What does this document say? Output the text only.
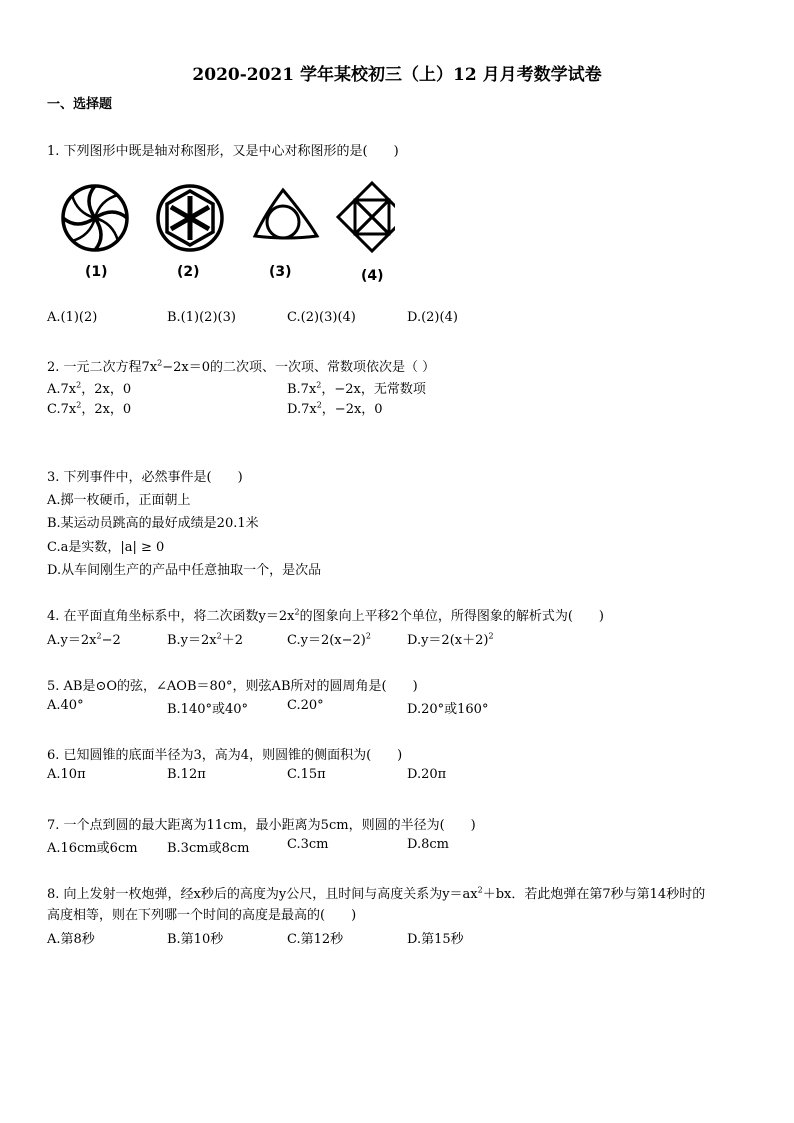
2020-2021 学年某校初三（上）12 月月考数学试卷
一、选择题
1. 下列图形中既是轴对称图形，又是中心对称图形的是(　　)
(1)	(2)	(3)	(4)
A.(1)(2)	B.(1)(2)(3)	C.(2)(3)(4)	D.(2)(4)
2. 一元二次方程$7x^2-2x=0$的二次项、一次项、常数项依次是（ ）
$A.7x^2$，2x，0	$B.7x^2$，−2x，无常数项
$C.7x^2$，2x，0	$D.7x^2$，−2x，0
3. 下列事件中，必然事件是(　　)
A.掷一枚硬币，正面朝上
B.某运动员跳高的最好成绩是20.1米
C.a是实数，|a| ≥ 0
D.从车间刚生产的产品中任意抽取一个，是次品
4. 在平面直角坐标系中，将二次函数$y=2x^2$的图象向上平移2个单位，所得图象的解析式为(　　)
$A.y=2x^2-2$	$B.y=2x^2+2$	$C.y=2(x-2)^2$	$D.y=2(x+2)^2$
5. AB是⊙O的弦，∠AOB＝80°，则弦AB所对的圆周角是(　　)
A.40°	B.140°或40°	C.20°	D.20°或160°
6. 已知圆锥的底面半径为3，高为4，则圆锥的侧面积为(　　)
A.10π	B.12π	C.15π	D.20π
7. 一个点到圆的最大距离为11cm，最小距离为5cm，则圆的半径为(　　)
A.16cm或6cm B.3cm或8cm	C.3cm	D.8cm
8. 向上发射一枚炮弹，经x秒后的高度为y公尺，且时间与高度关系为$y=ax^2+bx$．若此炮弹在第7秒与第14秒时的
高度相等，则在下列哪一个时间的高度是最高的(　　)
A.第8秒	B.第10秒	C.第12秒	D.第15秒
